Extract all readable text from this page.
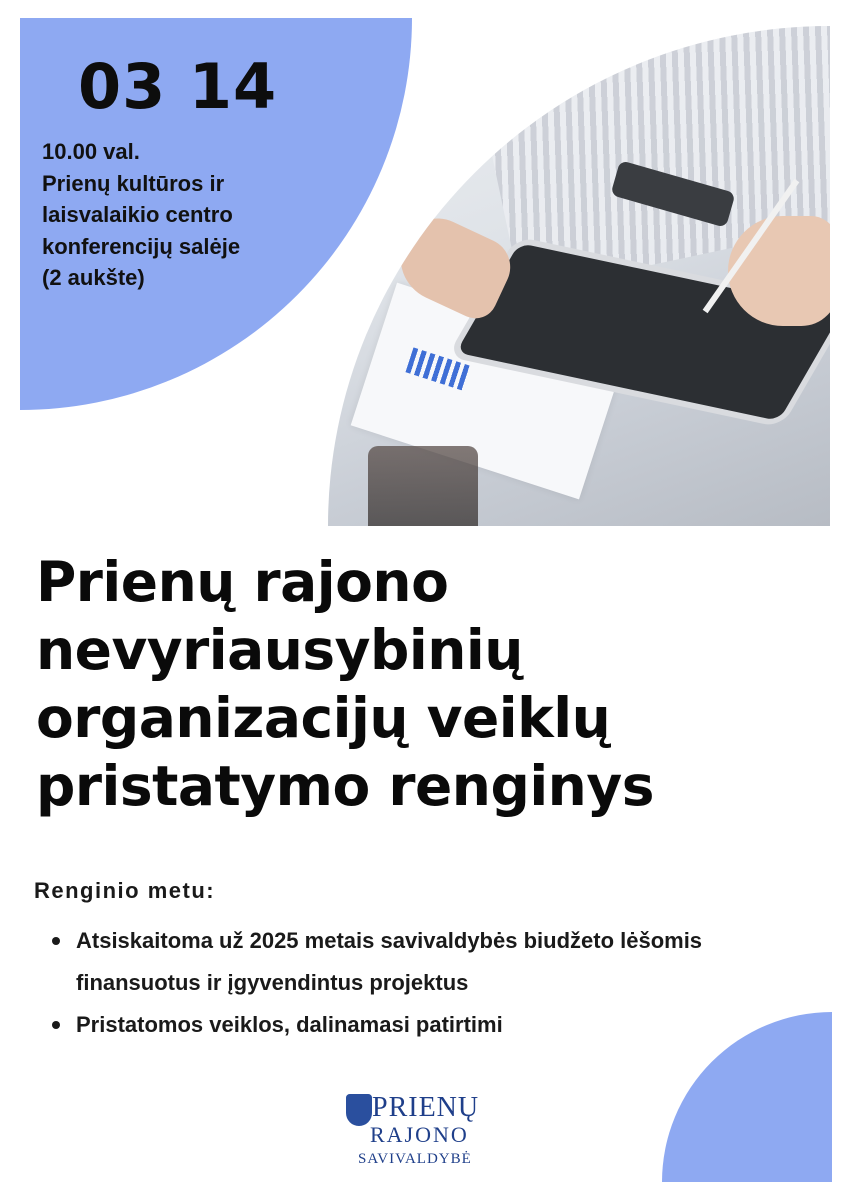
03 14
10.00 val.
Prienų kultūros ir
laisvalaikio centro
konferencijų salėje
(2 aukšte)
Prienų rajono
nevyriausybinių
organizacijų veiklų
pristatymo renginys
Renginio metu:
Atsiskaitoma už 2025 metais savivaldybės biudžeto lėšomis finansuotus ir įgyvendintus projektus
Pristatomos veiklos, dalinamasi patirtimi
PRIENŲ
RAJONO
SAVIVALDYBĖ
